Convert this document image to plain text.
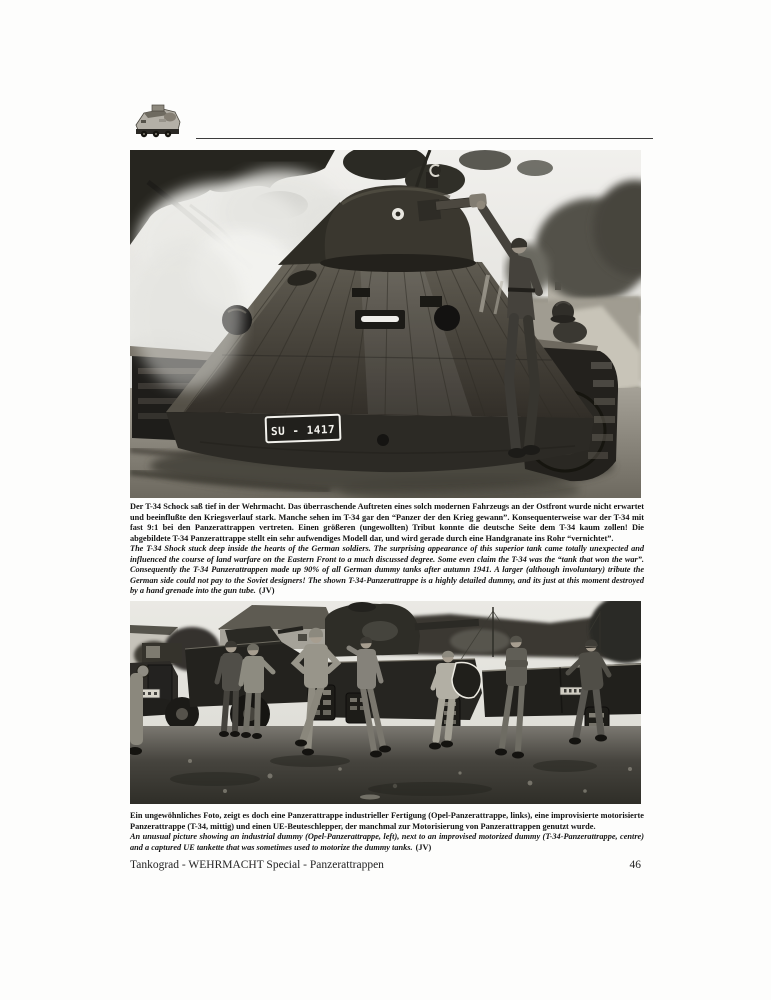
SU - 1417

Der T-34 Schock saß tief in der Wehrmacht. Das überraschende Auftreten eines solch modernen Fahrzeugs an der Ostfront wurde nicht erwartet und beeinflußte den Kriegsverlauf stark. Manche sehen im T-34 gar den “Panzer der den Krieg gewann”. Konsequenterweise war der T-34 mit fast 9:1 bei den Panzerattrappen vertreten. Einen größeren (ungewollten) Tribut konnte die deutsche Seite dem T-34 kaum zollen! Die abgebildete T-34 Panzerattrappe stellt ein sehr aufwendiges Modell dar, und wird gerade durch eine Handgranate ins Rohr “vernichtet”.

The T-34 Shock stuck deep inside the hearts of the German soldiers. The surprising appearance of this superior tank came totally unexpected and influenced the course of land warfare on the Eastern Front to a much discussed degree. Some even claim the T-34 was the “tank that won the war”. Consequently the T-34 Panzerattrappen made up 90% of all German dummy tanks after autumn 1941. A larger (although involuntary) tribute the German side could not pay to the Soviet designers! The shown T-34-Panzerattrappe is a highly detailed dummy, and its just at this moment destroyed by a hand grenade into the gun tube. (JV)

Ein ungewöhnliches Foto, zeigt es doch eine Panzerattrappe industrieller Fertigung (Opel-Panzerattrappe, links), eine improvisierte motorisierte Panzerattrappe (T-34, mittig) und einen UE-Beuteschlepper, der manchmal zur Motorisierung von Panzerattrappen genutzt wurde.

An unusual picture showing an industrial dummy (Opel-Panzerattrappe, left), next to an improvised motorized dummy (T-34-Panzerattrappe, centre) and a captured UE tankette that was sometimes used to motorize the dummy tanks. (JV)

Tankograd - WEHRMACHT Special - Panzerattrappen	46
